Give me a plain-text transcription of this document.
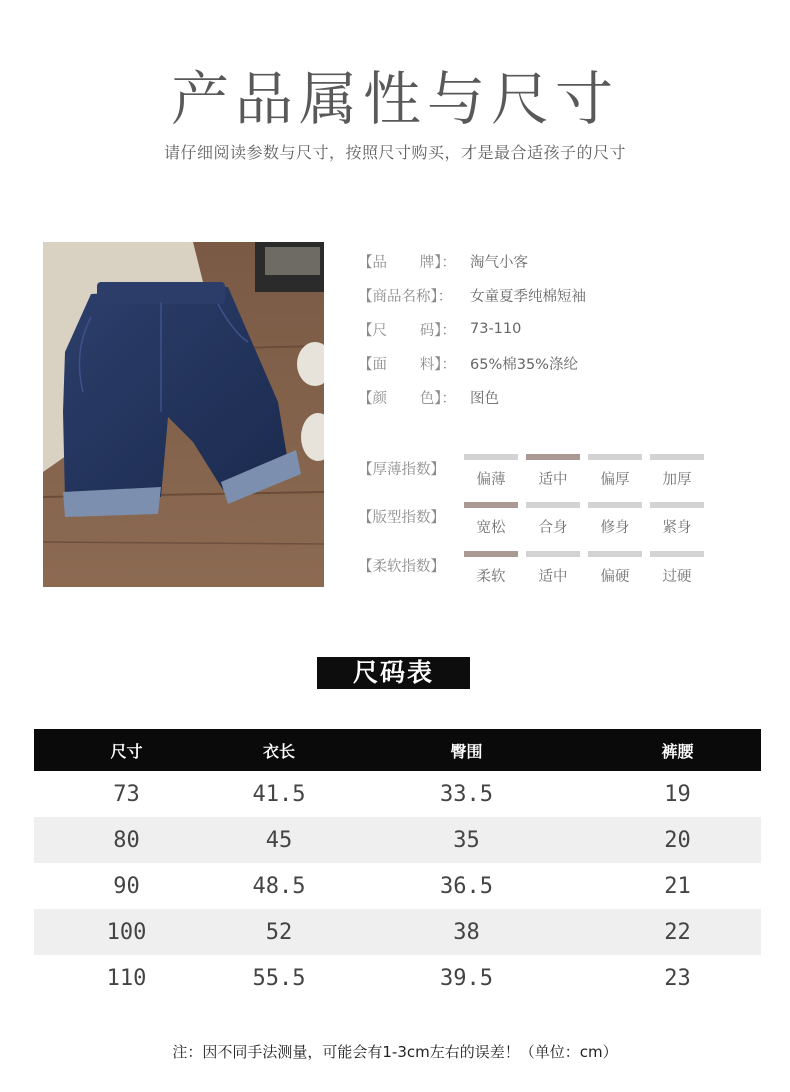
产品属性与尺寸
请仔细阅读参数与尺寸，按照尺寸购买，才是最合适孩子的尺寸
【品 牌】： 淘气小客
【商品名称】： 女童夏季纯棉短袖
【尺 码】： 73-110
【面 料】： 65%棉35%涤纶
【颜 色】： 图色
【厚薄指数】
偏薄	适中	偏厚	加厚
【版型指数】
宽松	合身	修身	紧身
【柔软指数】
柔软	适中	偏硬	过硬
尺码表
尺寸	衣长	臀围	裤腰
73	41.5	33.5	19
80	45	35	20
90	48.5	36.5	21
100	52	38	22
110	55.5	39.5	23
注：因不同手法测量，可能会有1-3cm左右的误差！（单位：cm）
